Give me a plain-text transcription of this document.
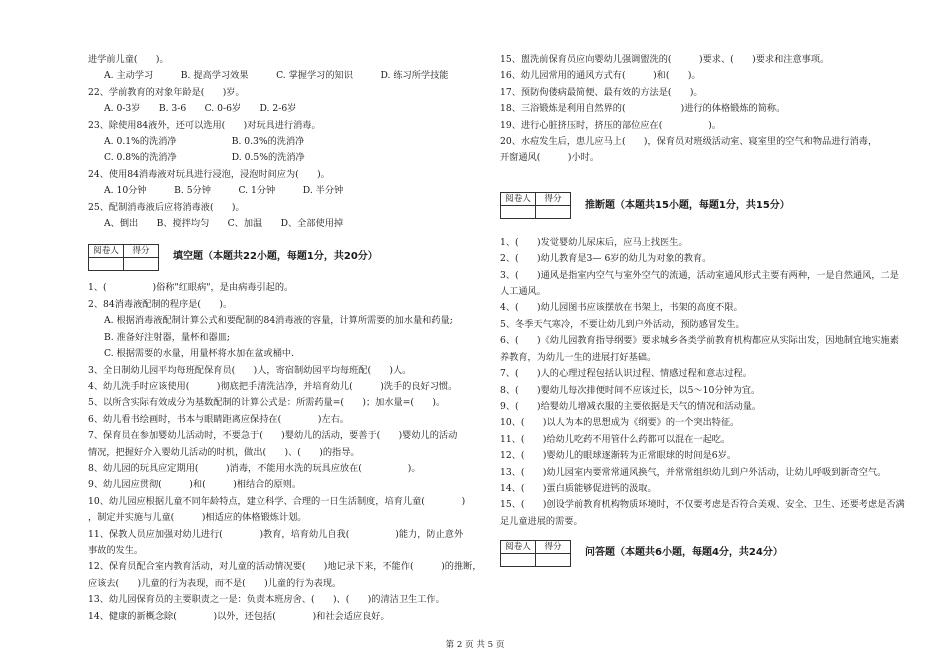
进学前儿童(　　)。
A. 主动学习　　　B. 提高学习效果　　　C. 掌握学习的知识　　　D. 练习所学技能
22、学前教育的对象年龄是(　　)岁。
A. 0-3岁　　B. 3-6　　C. 0-6岁　　D. 2-6岁
23、除使用84液外，还可以选用(　　)对玩具进行消毒。
A. 0.1%的洗消净　　　　　　B. 0.3%的洗消净
C. 0.8%的洗消净　　　　　　D. 0.5%的洗消净
24、使用84消毒液对玩具进行浸泡，浸泡时间应为(　　)。
A. 10分钟　　　B. 5分钟　　　C. 1分钟　　　D. 半分钟
25、配制消毒液后应将消毒液(　　)。
A、倒出　　B、搅拌均匀　　C、加温　　D、全部使用掉
阅卷人	得分

填空题（本题共22小题，每题1分，共20分）
1、(　　　　　)俗称"红眼病"，是由病毒引起的。
2、84消毒液配制的程序是(　　)。
A. 根据消毒液配制计算公式和要配制的84消毒液的容量，计算所需要的加水量和药量;
B. 准备好注射器，量杯和器皿;
C. 根据需要的水量，用量杯将水加在盆或桶中.
3、全日制幼儿园平均每班配保育员(　　)人，寄宿制幼园平均每班配(　　)人。
4、幼儿洗手时应该使用(　　　)彻底把手清洗洁净，并培育幼儿(　　　)洗手的良好习惯。
5、以所含实际有效成分为基数配制的计算公式是：所需药量=(　　)；加水量=(　　)。
6、幼儿看书绘画时，书本与眼睛距离应保持在(　　　　)左右。
7、保育员在参加婴幼儿活动时，不要急于(　　)婴幼儿的活动，要善于(　　)婴幼儿的活动
情况，把握好介入婴幼儿活动的时机，做出(　　)、(　　)的指导。
8、幼儿园的玩具应定期用(　　　)消毒，不能用水洗的玩具应放在(　　　　　)。
9、幼儿园应贯彻(　　　)和(　　　)相结合的原则。
10、幼儿园应根据儿童不同年龄特点，建立科学、合理的一日生活制度，培育儿童(　　　　)
，制定并实施与儿童(　　　)相适应的体格锻炼计划。
11、保教人员应加强对幼儿进行(　　　　)教育，培育幼儿自我(　　　　　)能力，防止意外
事故的发生。
12、保育员配合室内教育活动，对儿童的活动情况要(　　)地记录下来，不能作(　　　)的推断，
应该去(　　)儿童的行为表现，而不是(　　)儿童的行为表现。
13、幼儿园保育员的主要职责之一是：负责本班房舍、(　　)、(　　)的清洁卫生工作。
14、健康的新概念除(　　　　)以外，还包括(　　　　)和社会适应良好。
15、盥洗前保育员应向婴幼儿强调盥洗的(　　　)要求、(　　)要求和注意事项。
16、幼儿园常用的通风方式有(　　　)和(　　)。
17、预防佝偻病最简便、最有效的方法是(　　)。
18、三浴锻炼是利用自然界的(　　　　　　)进行的体格锻炼的简称。
19、进行心脏挤压时，挤压的部位应在(　　　　　)。
20、水痘发生后，患儿应马上(　　)，保育员对班级活动室、寝室里的空气和物品进行消毒，
开窗通风(　　　)小时。
阅卷人	得分

推断题（本题共15小题，每题1分，共15分）
1、(　　)发觉婴幼儿尿床后，应马上找医生。
2、(　　)幼儿教育是3— 6岁的幼儿为对象的教育。
3、(　　)通风是指室内空气与室外空气的流通，活动室通风形式主要有两种，一是自然通风，二是人工通风。
4、(　　)幼儿园图书应该摆放在书架上，书架的高度不限。
5、冬季天气寒冷，不要让幼儿到户外活动，预防感冒发生。
6、(　　)《幼儿园教育指导纲要》要求城乡各类学前教育机构都应从实际出发，因地制宜地实施素养教育，为幼儿一生的进展打好基础。
7、(　　)人的心理过程包括认识过程、情感过程和意志过程。
8、(　　)婴幼儿每次排便时间不应该过长，以5～10分钟为宜。
9、(　　)给婴幼儿增减衣服的主要依据是天气的情况和活动量。
10、(　　)以人为本的思想成为《纲要》的一个突出特征。
11、(　　)给幼儿吃药不用管什么药都可以混在一起吃。
12、(　　)婴幼儿的眼球逐渐转为正常眼球的时间是6岁。
13、(　　)幼儿园室内要常常通风换气，并常常组织幼儿到户外活动，让幼儿呼吸到新奇空气。
14、(　　)蛋白质能够促进钙的汲取。
15、(　　)创设学前教育机构物质环境时，不仅要考虑是否符合美观、安全、卫生、还要考虑是否满足儿童进展的需要。
阅卷人	得分

问答题（本题共6小题，每题4分，共24分）
第 2 页 共 5 页
